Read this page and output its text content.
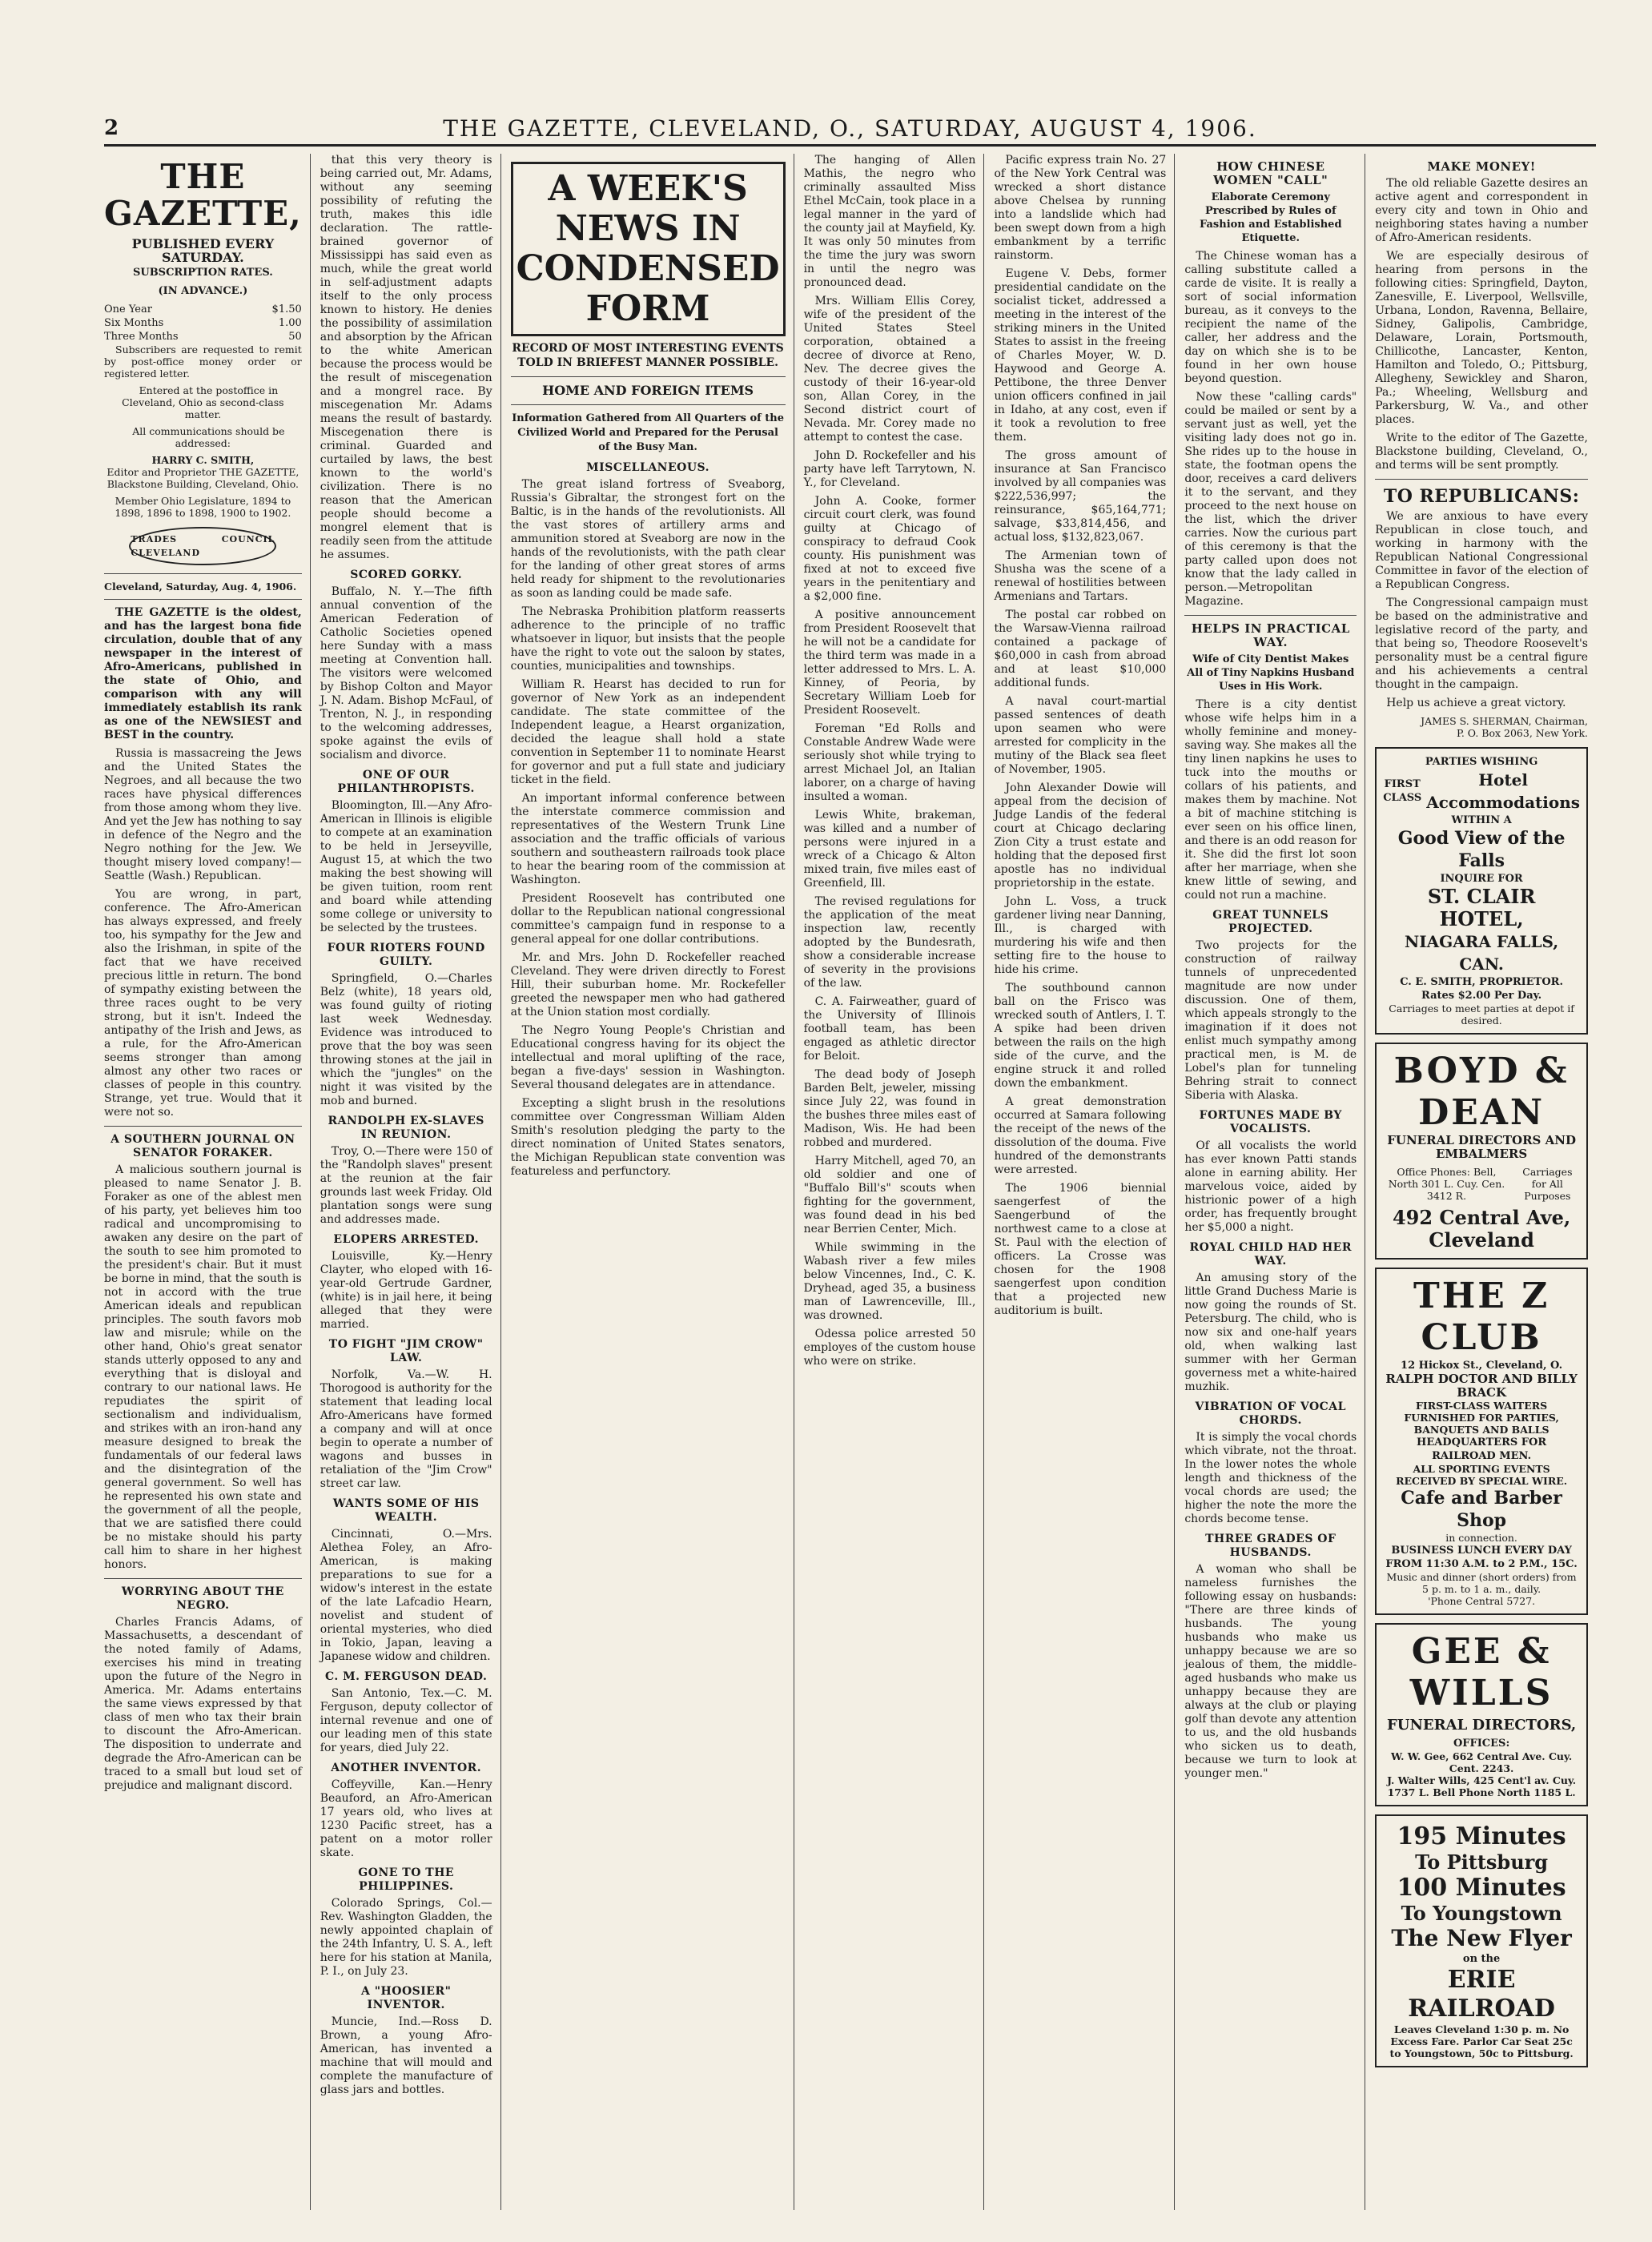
2	THE GAZETTE, CLEVELAND, O., SATURDAY, AUGUST 4, 1906.
THE GAZETTE,
PUBLISHED EVERY SATURDAY.
SUBSCRIPTION RATES.
(IN ADVANCE.)
One Year	$1.50
Six Months	1.00
Three Months	50

Subscribers are requested to remit by post-office money order or registered letter.

Entered at the postoffice in Cleveland, Ohio as second-class matter.

All communications should be addressed:

HARRY C. SMITH,
Editor and Proprietor THE GAZETTE,
Blackstone Building, Cleveland, Ohio.
Member Ohio Legislature, 1894 to 1898, 1896 to 1898, 1900 to 1902.
TRADES COUNCIL CLEVELAND
Cleveland, Saturday, Aug. 4, 1906.

THE GAZETTE is the oldest, and has the largest bona fide circulation, double that of any newspaper in the interest of Afro-Americans, published in the state of Ohio, and comparison with any will immediately establish its rank as one of the NEWSIEST and BEST in the country.

Russia is massacreing the Jews and the United States the Negroes, and all because the two races have physical differences from those among whom they live. And yet the Jew has nothing to say in defence of the Negro and the Negro nothing for the Jew. We thought misery loved company!—Seattle (Wash.) Republican.

You are wrong, in part, conference. The Afro-American has always expressed, and freely too, his sympathy for the Jew and also the Irishman, in spite of the fact that we have received precious little in return. The bond of sympathy existing between the three races ought to be very strong, but it isn't. Indeed the antipathy of the Irish and Jews, as a rule, for the Afro-American seems stronger than among almost any other two races or classes of people in this country. Strange, yet true. Would that it were not so.

A SOUTHERN JOURNAL ON SENATOR FORAKER.

A malicious southern journal is pleased to name Senator J. B. Foraker as one of the ablest men of his party, yet believes him too radical and uncompromising to awaken any desire on the part of the south to see him promoted to the president's chair. But it must be borne in mind, that the south is not in accord with the true American ideals and republican principles. The south favors mob law and misrule; while on the other hand, Ohio's great senator stands utterly opposed to any and everything that is disloyal and contrary to our national laws. He repudiates the spirit of sectionalism and individualism, and strikes with an iron-hand any measure designed to break the fundamentals of our federal laws and the disintegration of the general government. So well has he represented his own state and the government of all the people, that we are satisfied there could be no mistake should his party call him to share in her highest honors.

WORRYING ABOUT THE NEGRO.

Charles Francis Adams, of Massachusetts, a descendant of the noted family of Adams, exercises his mind in treating upon the future of the Negro in America. Mr. Adams entertains the same views expressed by that class of men who tax their brain to discount the Afro-American. The disposition to underrate and degrade the Afro-American can be traced to a small but loud set of prejudice and malignant discord.

that this very theory is being carried out, Mr. Adams, without any seeming possibility of refuting the truth, makes this idle declaration. The rattle-brained governor of Mississippi has said even as much, while the great world in self-adjustment adapts itself to the only process known to history. He denies the possibility of assimilation and absorption by the African to the white American because the process would be the result of miscegenation and a mongrel race. By miscegenation Mr. Adams means the result of bastardy. Miscegenation there is criminal. Guarded and curtailed by laws, the best known to the world's civilization. There is no reason that the American people should become a mongrel element that is readily seen from the attitude he assumes.

SCORED GORKY.

Buffalo, N. Y.—The fifth annual convention of the American Federation of Catholic Societies opened here Sunday with a mass meeting at Convention hall. The visitors were welcomed by Bishop Colton and Mayor J. N. Adam. Bishop McFaul, of Trenton, N. J., in responding to the welcoming addresses, spoke against the evils of socialism and divorce.

ONE OF OUR PHILANTHROPISTS.

Bloomington, Ill.—Any Afro-American in Illinois is eligible to compete at an examination to be held in Jerseyville, August 15, at which the two making the best showing will be given tuition, room rent and board while attending some college or university to be selected by the trustees.

FOUR RIOTERS FOUND GUILTY.

Springfield, O.—Charles Belz (white), 18 years old, was found guilty of rioting last week Wednesday. Evidence was introduced to prove that the boy was seen throwing stones at the jail in which the "jungles" on the night it was visited by the mob and burned.

RANDOLPH EX-SLAVES IN REUNION.

Troy, O.—There were 150 of the "Randolph slaves" present at the reunion at the fair grounds last week Friday. Old plantation songs were sung and addresses made.

ELOPERS ARRESTED.

Louisville, Ky.—Henry Clayter, who eloped with 16-year-old Gertrude Gardner, (white) is in jail here, it being alleged that they were married.

TO FIGHT "JIM CROW" LAW.

Norfolk, Va.—W. H. Thorogood is authority for the statement that leading local Afro-Americans have formed a company and will at once begin to operate a number of wagons and busses in retaliation of the "Jim Crow" street car law.

WANTS SOME OF HIS WEALTH.

Cincinnati, O.—Mrs. Alethea Foley, an Afro-American, is making preparations to sue for a widow's interest in the estate of the late Lafcadio Hearn, novelist and student of oriental mysteries, who died in Tokio, Japan, leaving a Japanese widow and children.

C. M. FERGUSON DEAD.

San Antonio, Tex.—C. M. Ferguson, deputy collector of internal revenue and one of our leading men of this state for years, died July 22.

ANOTHER INVENTOR.

Coffeyville, Kan.—Henry Beauford, an Afro-American 17 years old, who lives at 1230 Pacific street, has a patent on a motor roller skate.

GONE TO THE PHILIPPINES.

Colorado Springs, Col.—Rev. Washington Gladden, the newly appointed chaplain of the 24th Infantry, U. S. A., left here for his station at Manila, P. I., on July 23.

A "HOOSIER" INVENTOR.

Muncie, Ind.—Ross D. Brown, a young Afro-American, has invented a machine that will mould and complete the manufacture of glass jars and bottles.

A WEEK'S NEWS IN CONDENSED FORM
RECORD OF MOST INTERESTING EVENTS TOLD IN BRIEFEST MANNER POSSIBLE.
HOME AND FOREIGN ITEMS
Information Gathered from All Quarters of the Civilized World and Prepared for the Perusal of the Busy Man.
MISCELLANEOUS.

The great island fortress of Sveaborg, Russia's Gibraltar, the strongest fort on the Baltic, is in the hands of the revolutionists. All the vast stores of artillery arms and ammunition stored at Sveaborg are now in the hands of the revolutionists, with the path clear for the landing of other great stores of arms held ready for shipment to the revolutionaries as soon as landing could be made safe.

The Nebraska Prohibition platform reasserts adherence to the principle of no traffic whatsoever in liquor, but insists that the people have the right to vote out the saloon by states, counties, municipalities and townships.

William R. Hearst has decided to run for governor of New York as an independent candidate. The state committee of the Independent league, a Hearst organization, decided the league shall hold a state convention in September 11 to nominate Hearst for governor and put a full state and judiciary ticket in the field.

An important informal conference between the interstate commerce commission and representatives of the Western Trunk Line association and the traffic officials of various southern and southeastern railroads took place to hear the bearing room of the commission at Washington.

President Roosevelt has contributed one dollar to the Republican national congressional committee's campaign fund in response to a general appeal for one dollar contributions.

Mr. and Mrs. John D. Rockefeller reached Cleveland. They were driven directly to Forest Hill, their suburban home. Mr. Rockefeller greeted the newspaper men who had gathered at the Union station most cordially.

The Negro Young People's Christian and Educational congress having for its object the intellectual and moral uplifting of the race, began a five-days' session in Washington. Several thousand delegates are in attendance.

Excepting a slight brush in the resolutions committee over Congressman William Alden Smith's resolution pledging the party to the direct nomination of United States senators, the Michigan Republican state convention was featureless and perfunctory.

The hanging of Allen Mathis, the negro who criminally assaulted Miss Ethel McCain, took place in a legal manner in the yard of the county jail at Mayfield, Ky. It was only 50 minutes from the time the jury was sworn in until the negro was pronounced dead.

Mrs. William Ellis Corey, wife of the president of the United States Steel corporation, obtained a decree of divorce at Reno, Nev. The decree gives the custody of their 16-year-old son, Allan Corey, in the Second district court of Nevada. Mr. Corey made no attempt to contest the case.

John D. Rockefeller and his party have left Tarrytown, N. Y., for Cleveland.

John A. Cooke, former circuit court clerk, was found guilty at Chicago of conspiracy to defraud Cook county. His punishment was fixed at not to exceed five years in the penitentiary and a $2,000 fine.

A positive announcement from President Roosevelt that he will not be a candidate for the third term was made in a letter addressed to Mrs. L. A. Kinney, of Peoria, by Secretary William Loeb for President Roosevelt.

Foreman "Ed Rolls and Constable Andrew Wade were seriously shot while trying to arrest Michael Jol, an Italian laborer, on a charge of having insulted a woman.

Lewis White, brakeman, was killed and a number of persons were injured in a wreck of a Chicago & Alton mixed train, five miles east of Greenfield, Ill.

The revised regulations for the application of the meat inspection law, recently adopted by the Bundesrath, show a considerable increase of severity in the provisions of the law.

C. A. Fairweather, guard of the University of Illinois football team, has been engaged as athletic director for Beloit.

The dead body of Joseph Barden Belt, jeweler, missing since July 22, was found in the bushes three miles east of Madison, Wis. He had been robbed and murdered.

Harry Mitchell, aged 70, an old soldier and one of "Buffalo Bill's" scouts when fighting for the government, was found dead in his bed near Berrien Center, Mich.

While swimming in the Wabash river a few miles below Vincennes, Ind., C. K. Dryhead, aged 35, a business man of Lawrenceville, Ill., was drowned.

Odessa police arrested 50 employes of the custom house who were on strike.

Pacific express train No. 27 of the New York Central was wrecked a short distance above Chelsea by running into a landslide which had been swept down from a high embankment by a terrific rainstorm.

Eugene V. Debs, former presidential candidate on the socialist ticket, addressed a meeting in the interest of the striking miners in the United States to assist in the freeing of Charles Moyer, W. D. Haywood and George A. Pettibone, the three Denver union officers confined in jail in Idaho, at any cost, even if it took a revolution to free them.

The gross amount of insurance at San Francisco involved by all companies was $222,536,997; the reinsurance, $65,164,771; salvage, $33,814,456, and actual loss, $132,823,067.

The Armenian town of Shusha was the scene of a renewal of hostilities between Armenians and Tartars.

The postal car robbed on the Warsaw-Vienna railroad contained a package of $60,000 in cash from abroad and at least $10,000 additional funds.

A naval court-martial passed sentences of death upon seamen who were arrested for complicity in the mutiny of the Black sea fleet of November, 1905.

John Alexander Dowie will appeal from the decision of Judge Landis of the federal court at Chicago declaring Zion City a trust estate and holding that the deposed first apostle has no individual proprietorship in the estate.

John L. Voss, a truck gardener living near Danning, Ill., is charged with murdering his wife and then setting fire to the house to hide his crime.

The southbound cannon ball on the Frisco was wrecked south of Antlers, I. T. A spike had been driven between the rails on the high side of the curve, and the engine struck it and rolled down the embankment.

A great demonstration occurred at Samara following the receipt of the news of the dissolution of the douma. Five hundred of the demonstrants were arrested.

The 1906 biennial saengerfest of the Saengerbund of the northwest came to a close at St. Paul with the election of officers. La Crosse was chosen for the 1908 saengerfest upon condition that a projected new auditorium is built.

HOW CHINESE WOMEN "CALL"
Elaborate Ceremony Prescribed by Rules of Fashion and Established Etiquette.

The Chinese woman has a calling substitute called a carde de visite. It is really a sort of social information bureau, as it conveys to the recipient the name of the caller, her address and the day on which she is to be found in her own house beyond question.

Now these "calling cards" could be mailed or sent by a servant just as well, yet the visiting lady does not go in. She rides up to the house in state, the footman opens the door, receives a card delivers it to the servant, and they proceed to the next house on the list, which the driver carries. Now the curious part of this ceremony is that the party called upon does not know that the lady called in person.—Metropolitan Magazine.

HELPS IN PRACTICAL WAY.
Wife of City Dentist Makes All of Tiny Napkins Husband Uses in His Work.

There is a city dentist whose wife helps him in a wholly feminine and money-saving way. She makes all the tiny linen napkins he uses to tuck into the mouths or collars of his patients, and makes them by machine. Not a bit of machine stitching is ever seen on his office linen, and there is an odd reason for it. She did the first lot soon after her marriage, when she knew little of sewing, and could not run a machine.

GREAT TUNNELS PROJECTED.

Two projects for the construction of railway tunnels of unprecedented magnitude are now under discussion. One of them, which appeals strongly to the imagination if it does not enlist much sympathy among practical men, is M. de Lobel's plan for tunneling Behring strait to connect Siberia with Alaska.

FORTUNES MADE BY VOCALISTS.

Of all vocalists the world has ever known Patti stands alone in earning ability. Her marvelous voice, aided by histrionic power of a high order, has frequently brought her $5,000 a night.

ROYAL CHILD HAD HER WAY.

An amusing story of the little Grand Duchess Marie is now going the rounds of St. Petersburg. The child, who is now six and one-half years old, when walking last summer with her German governess met a white-haired muzhik.

VIBRATION OF VOCAL CHORDS.

It is simply the vocal chords which vibrate, not the throat. In the lower notes the whole length and thickness of the vocal chords are used; the higher the note the more the chords become tense.

THREE GRADES OF HUSBANDS.

A woman who shall be nameless furnishes the following essay on husbands: "There are three kinds of husbands. The young husbands who make us unhappy because we are so jealous of them, the middle-aged husbands who make us unhappy because they are always at the club or playing golf than devote any attention to us, and the old husbands who sicken us to death, because we turn to look at younger men."

MAKE MONEY!

The old reliable Gazette desires an active agent and correspondent in every city and town in Ohio and neighboring states having a number of Afro-American residents.

We are especially desirous of hearing from persons in the following cities: Springfield, Dayton, Zanesville, E. Liverpool, Wellsville, Urbana, London, Ravenna, Bellaire, Sidney, Galipolis, Cambridge, Delaware, Lorain, Portsmouth, Chillicothe, Lancaster, Kenton, Hamilton and Toledo, O.; Pittsburg, Allegheny, Sewickley and Sharon, Pa.; Wheeling, Wellsburg and Parkersburg, W. Va., and other places.

Write to the editor of The Gazette, Blackstone building, Cleveland, O., and terms will be sent promptly.

TO REPUBLICANS:

We are anxious to have every Republican in close touch, and working in harmony with the Republican National Congressional Committee in favor of the election of a Republican Congress.

The Congressional campaign must be based on the administrative and legislative record of the party, and that being so, Theodore Roosevelt's personality must be a central figure and his achievements a central thought in the campaign.

Help us achieve a great victory.

JAMES S. SHERMAN, Chairman,
P. O. Box 2063, New York.
PARTIES WISHING
FIRST CLASS
Hotel Accommodations
WITHIN A
Good View of the Falls
INQUIRE FOR
ST. CLAIR HOTEL,
NIAGARA FALLS, CAN.
C. E. SMITH, PROPRIETOR.
Rates $2.00 Per Day.
Carriages to meet parties at depot if desired.
BOYD &
DEAN
FUNERAL DIRECTORS AND EMBALMERS
Office Phones: Bell, North 301 L. Cuy. Cen. 3412 R.
Carriages for All Purposes
492 Central Ave, Cleveland
THE Z CLUB
12 Hickox St., Cleveland, O.
RALPH DOCTOR AND BILLY BRACK
FIRST-CLASS WAITERS FURNISHED FOR PARTIES, BANQUETS AND BALLS
HEADQUARTERS FOR RAILROAD MEN.
ALL SPORTING EVENTS RECEIVED BY SPECIAL WIRE.
Cafe and Barber Shop
in connection.
BUSINESS LUNCH EVERY DAY
FROM 11:30 A.M. to 2 P.M., 15C.
Music and dinner (short orders) from 5 p. m. to 1 a. m., daily.
'Phone Central 5727.
GEE & WILLS
FUNERAL DIRECTORS,
OFFICES:
W. W. Gee, 662 Central Ave. Cuy. Cent. 2243.
J. Walter Wills, 425 Cent'l av. Cuy. 1737 L. Bell Phone North 1185 L.
195 Minutes
To Pittsburg
100 Minutes
To Youngstown
The New Flyer
on the
ERIE RAILROAD
Leaves Cleveland 1:30 p. m. No Excess Fare. Parlor Car Seat 25c to Youngstown, 50c to Pittsburg.
